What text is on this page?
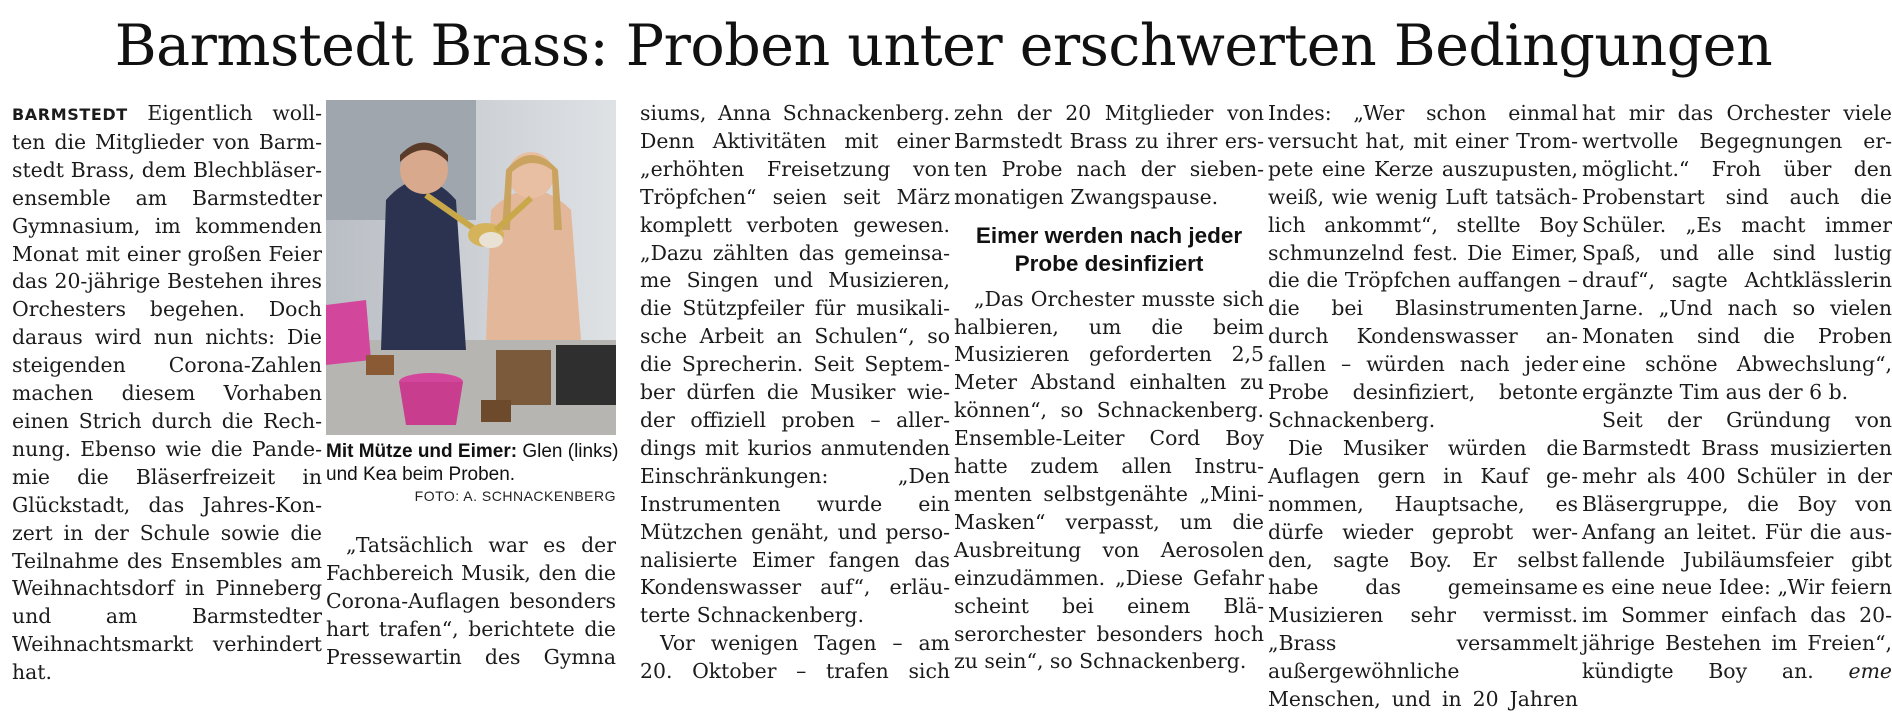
Barmstedt Brass: Proben unter erschwerten Bedingungen

BARMSTEDT Eigentlich wollten die Mitglieder von Barmstedt Brass, dem Blechbläserensemble am Barmstedter Gymnasium, im kommenden Monat mit einer großen Feier das 20-jährige Bestehen ihres Orchesters begehen. Doch daraus wird nun nichts: Die steigenden Corona-Zahlen machen diesem Vorhaben einen Strich durch die Rechnung. Ebenso wie die Pandemie die Bläserfreizeit in Glückstadt, das Jahres-Konzert in der Schule sowie die Teilnahme des Ensembles am Weihnachtsdorf in Pinneberg und am Barmstedter Weihnachtsmarkt verhindert hat.

Mit Mütze und Eimer: Glen (links) und Kea beim Proben.
FOTO: A. SCHNACKENBERG

„Tatsächlich war es der Fachbereich Musik, den die Corona-Auflagen besonders hart trafen“, berichtete die Pressewartin des Gymna

siums, Anna Schnackenberg. Denn Aktivitäten mit einer „erhöhten Freisetzung von Tröpfchen“ seien seit März komplett verboten gewesen. „Dazu zählten das gemeinsame Singen und Musizieren, die Stützpfeiler für musikalische Arbeit an Schulen“, so die Sprecherin. Seit September dürfen die Musiker wieder offiziell proben – allerdings mit kurios anmutenden Einschränkungen: „Den Instrumenten wurde ein Mützchen genäht, und personalisierte Eimer fangen das Kondenswasser auf“, erläuterte Schnackenberg.

Vor wenigen Tagen – am
20. Oktober – trafen sich

zehn der 20 Mitglieder von Barmstedt Brass zu ihrer ersten Probe nach der siebenmonatigen Zwangspause.

Eimer werden nach jeder Probe desinfiziert

„Das Orchester musste sich halbieren, um die beim Musizieren geforderten 2,5 Meter Abstand einhalten zu können“, so Schnackenberg. Ensemble-Leiter Cord Boy hatte zudem allen Instrumenten selbstgenähte „Mini-Masken“ verpasst, um die Ausbreitung von Aerosolen einzudämmen. „Diese Gefahr scheint bei einem Bläserorchester besonders hoch zu sein“, so Schnackenberg.

Indes: „Wer schon einmal versucht hat, mit einer Trompete eine Kerze auszupusten, weiß, wie wenig Luft tatsächlich ankommt“, stellte Boy schmunzelnd fest. Die Eimer, die die Tröpfchen auffangen – die bei Blasinstrumenten durch Kondenswasser anfallen – würden nach jeder Probe desinfiziert, betonte Schnackenberg.

Die Musiker würden die Auflagen gern in Kauf genommen, Hauptsache, es dürfe wieder geprobt werden, sagte Boy. Er selbst habe das gemeinsame Musizieren sehr vermisst. „Brass versammelt außergewöhnliche Menschen, und in 20 Jahren

hat mir das Orchester viele wertvolle Begegnungen ermöglicht.“ Froh über den Probenstart sind auch die Schüler. „Es macht immer Spaß, und alle sind lustig drauf“, sagte Achtklässlerin Jarne. „Und nach so vielen Monaten sind die Proben eine schöne Abwechslung“, ergänzte Tim aus der 6 b.

Seit der Gründung von Barmstedt Brass musizierten mehr als 400 Schüler in der Bläsergruppe, die Boy von Anfang an leitet. Für die ausfallende Jubiläumsfeier gibt es eine neue Idee: „Wir feiern im Sommer einfach das 20-jährige Bestehen im Freien“,

kündigte Boy an. eme
